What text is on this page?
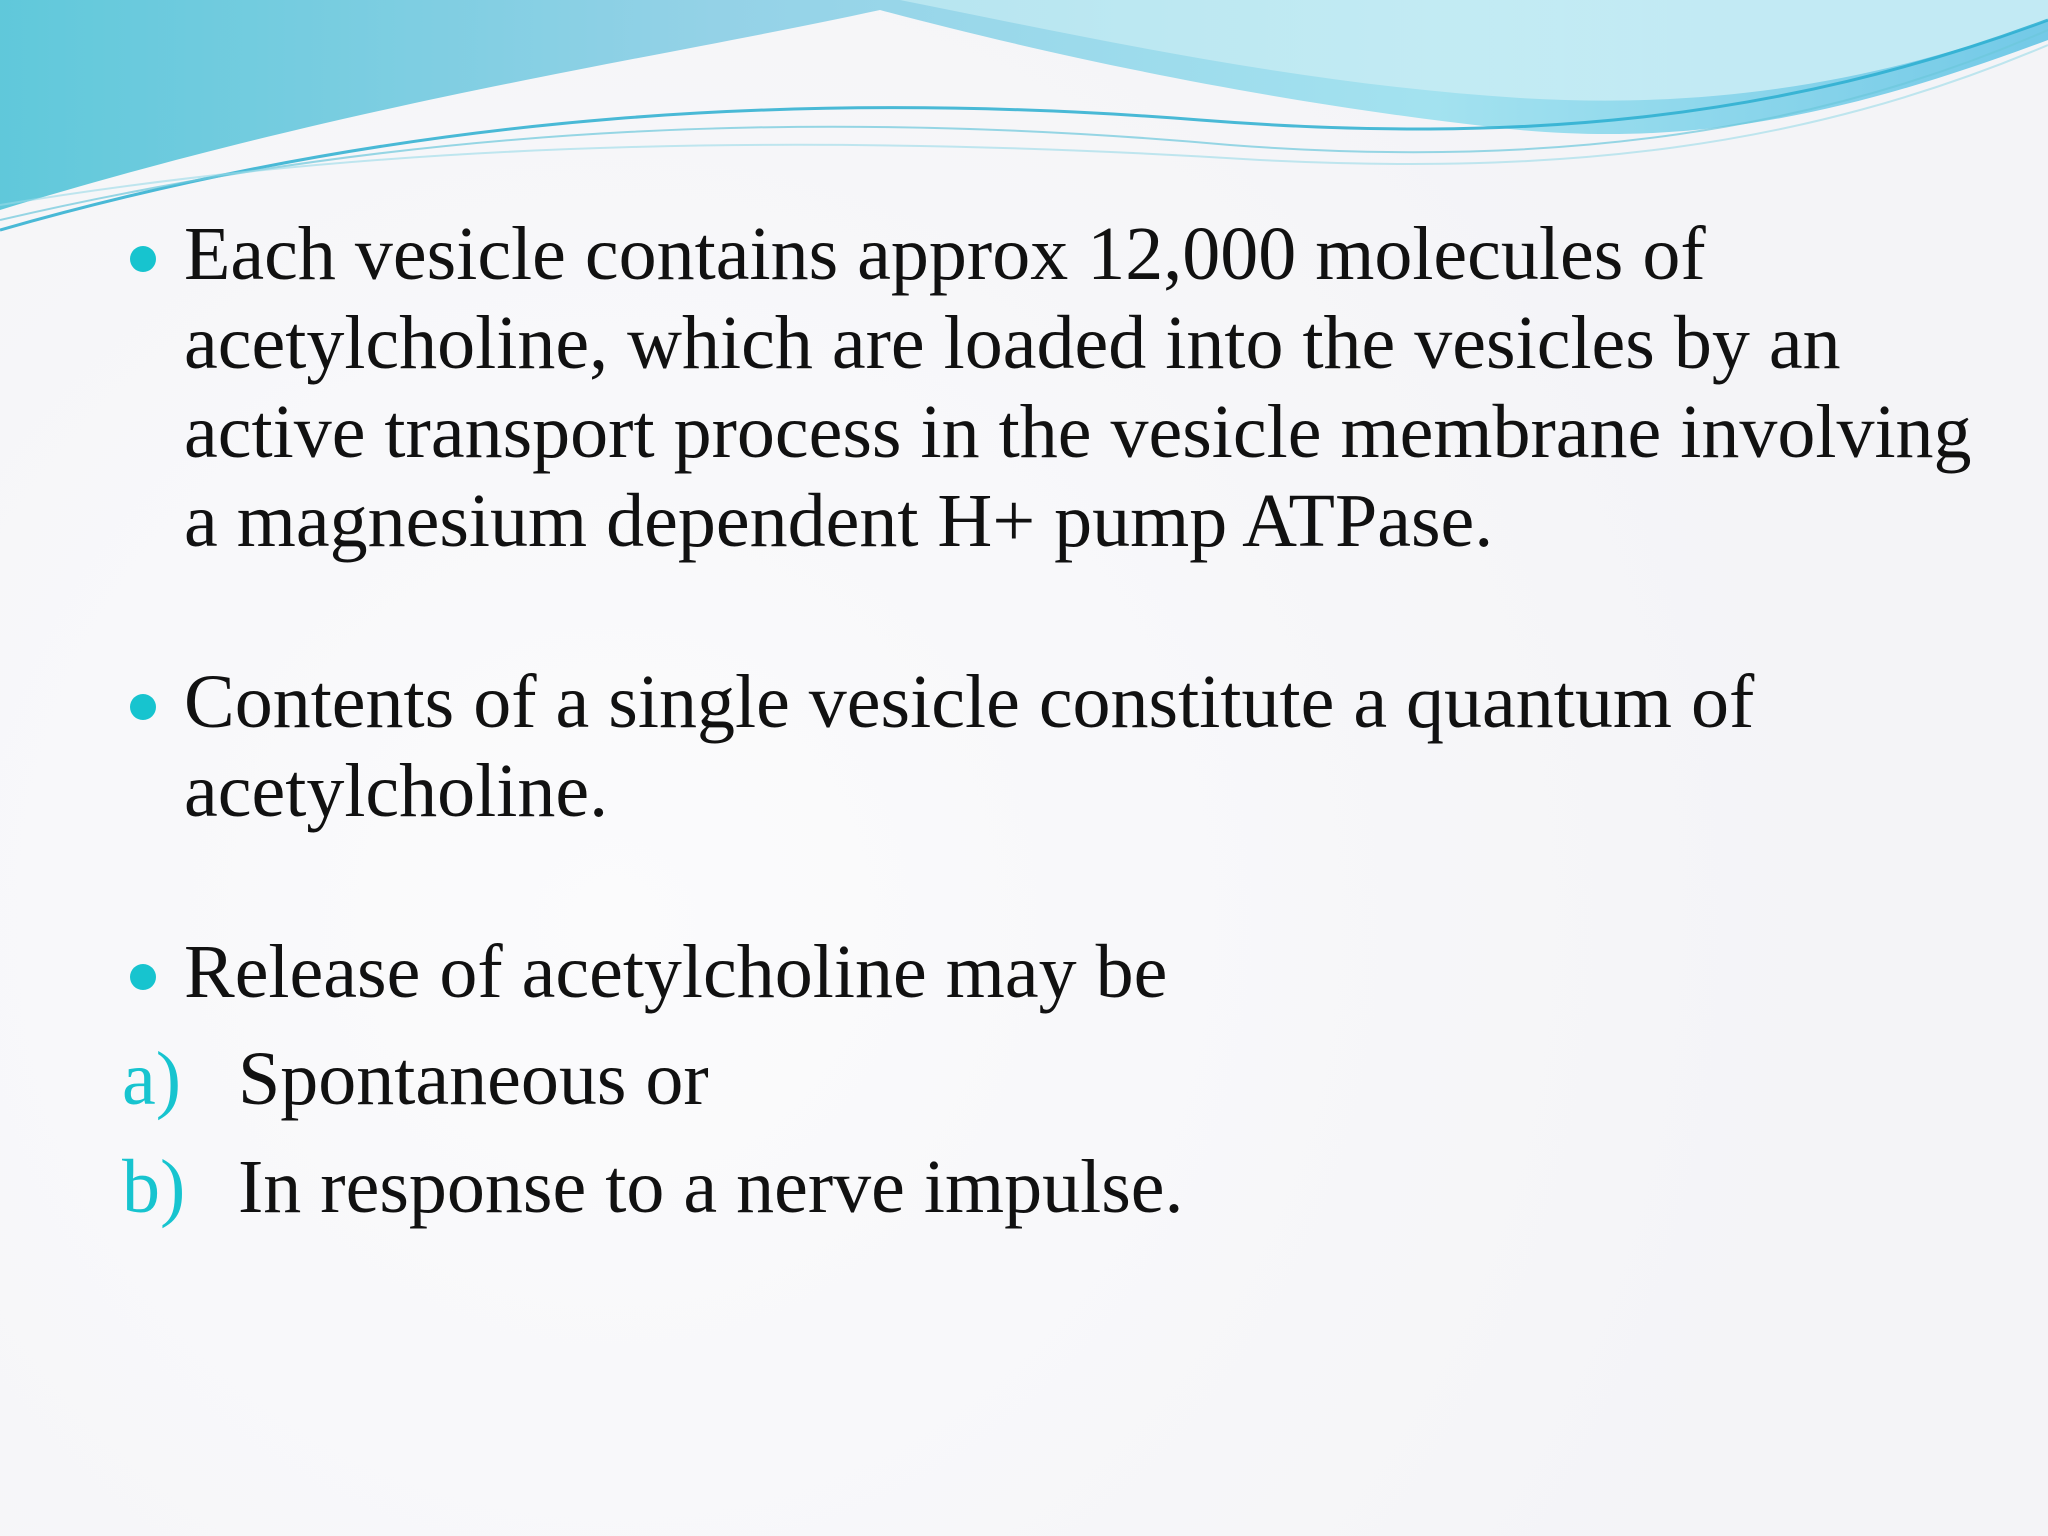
Each vesicle contains approx 12,000 molecules of acetylcholine, which are loaded into the vesicles by an active transport process in the vesicle membrane involving a magnesium dependent H+ pump ATPase.
Contents of a single vesicle constitute a quantum of acetylcholine.
Release of acetylcholine may be
a) Spontaneous or
b) In response to a nerve impulse.
